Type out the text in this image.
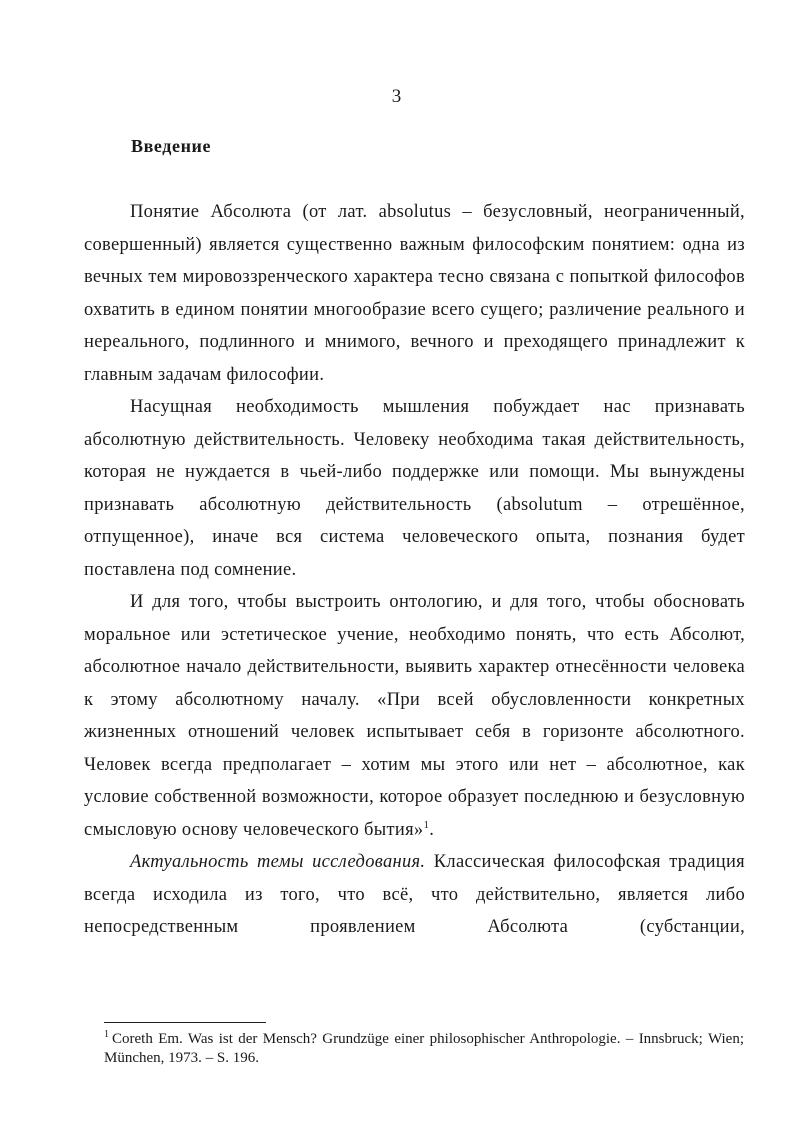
3
Введение

Понятие Абсолюта (от лат. absolutus – безусловный, неограниченный, совершенный) является существенно важным философским понятием: одна из вечных тем мировоззренческого характера тесно связана с попыткой философов охватить в едином понятии многообразие всего сущего; различение реального и нереального, подлинного и мнимого, вечного и преходящего принадлежит к главным задачам философии.

Насущная необходимость мышления побуждает нас признавать абсолютную действительность. Человеку необходима такая действительность, которая не нуждается в чьей-либо поддержке или помощи. Мы вынуждены признавать абсолютную действительность (absolutum – отрешённое, отпущенное), иначе вся система человеческого опыта, познания будет поставлена под сомнение.

И для того, чтобы выстроить онтологию, и для того, чтобы обосновать моральное или эстетическое учение, необходимо понять, что есть Абсолют, абсолютное начало действительности, выявить характер отнесённости человека к этому абсолютному началу. «При всей обусловленности конкретных жизненных отношений человек испытывает себя в горизонте абсолютного. Человек всегда предполагает – хотим мы этого или нет – абсолютное, как условие собственной возможности, которое образует последнюю и безусловную смысловую основу человеческого бытия»$^1$.

Актуальность темы исследования. Классическая философская традиция всегда исходила из того, что всё, что действительно, является либо непосредственным проявлением Абсолюта (субстанции,

$^1$ Coreth Em. Was ist der Mensch? Grundzüge einer philosophischer Anthropologie. – Innsbruck; Wien; München, 1973. – S. 196.
